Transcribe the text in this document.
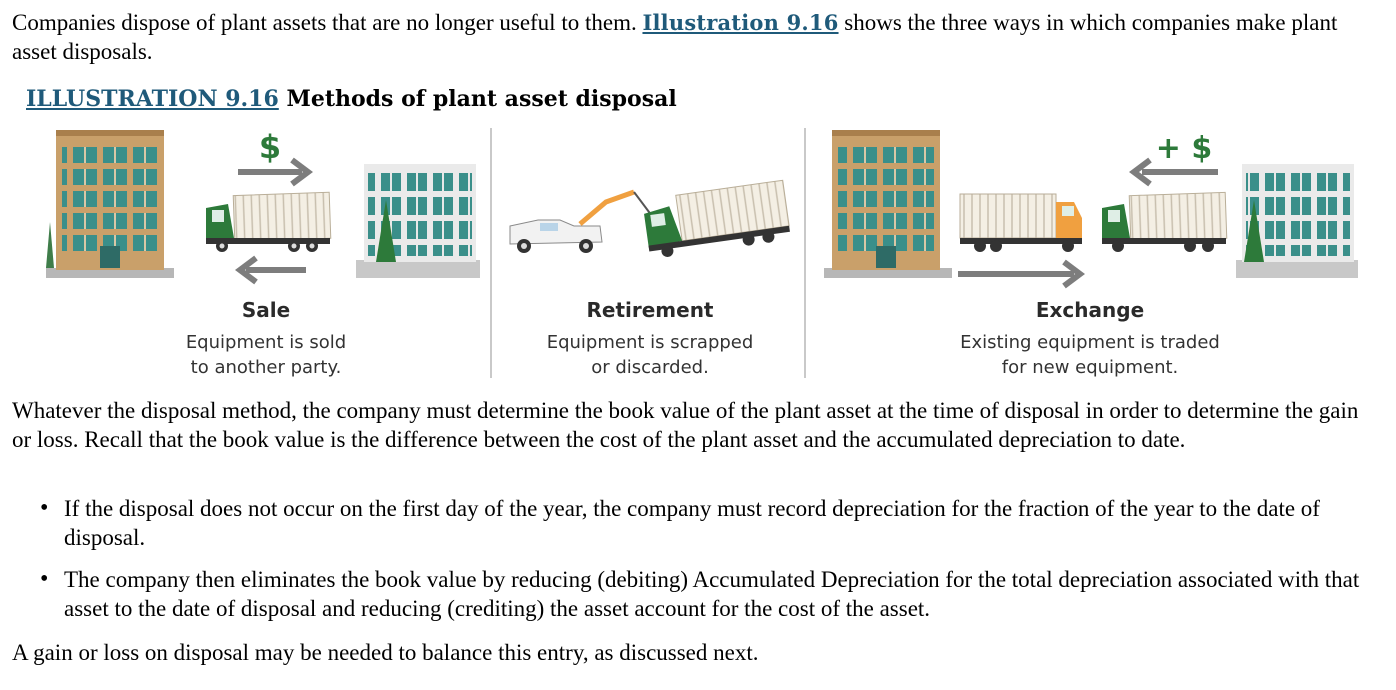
Companies dispose of plant assets that are no longer useful to them. Illustration 9.16 shows the three ways in which companies make plant asset disposals.

ILLUSTRATION 9.16 Methods of plant asset disposal
$	+ $
Sale
Equipment is sold
to another party.
Retirement
Equipment is scrapped
or discarded.
Exchange
Existing equipment is traded
for new equipment.

Whatever the disposal method, the company must determine the book value of the plant asset at the time of disposal in order to determine the gain or loss. Recall that the book value is the difference between the cost of the plant asset and the accumulated depreciation to date.

• If the disposal does not occur on the first day of the year, the company must record depreciation for the fraction of the year to the date of disposal.
• The company then eliminates the book value by reducing (debiting) Accumulated Depreciation for the total depreciation associated with that asset to the date of disposal and reducing (crediting) the asset account for the cost of the asset.

A gain or loss on disposal may be needed to balance this entry, as discussed next.
